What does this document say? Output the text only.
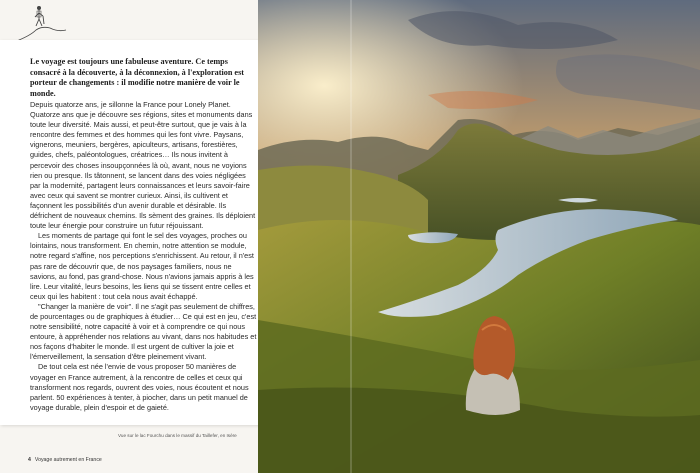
Le voyage est toujours une fabuleuse aventure. Ce temps consacré à la découverte, à la déconnexion, à l'exploration est porteur de changements : il modifie notre manière de voir le monde.

Depuis quatorze ans, je sillonne la France pour Lonely Planet. Quatorze ans que je découvre ses régions, sites et monuments dans toute leur diversité. Mais aussi, et peut-être surtout, que je vais à la rencontre des femmes et des hommes qui les font vivre. Paysans, vignerons, meuniers, bergères, apiculteurs, artisans, forestières, guides, chefs, paléontologues, créatrices… Ils nous invitent à percevoir des choses insoupçonnées là où, avant, nous ne voyions rien ou presque. Ils tâtonnent, se lancent dans des voies négligées par la modernité, partagent leurs connaissances et leurs savoir-faire avec ceux qui savent se montrer curieux. Ainsi, ils cultivent et façonnent les possibilités d'un avenir durable et désirable. Ils défrichent de nouveaux chemins. Ils sèment des graines. Ils déploient toute leur énergie pour construire un futur réjouissant.

Les moments de partage qui font le sel des voyages, proches ou lointains, nous transforment. En chemin, notre attention se module, notre regard s'affine, nos perceptions s'enrichissent. Au retour, il n'est pas rare de découvrir que, de nos paysages familiers, nous ne savions, au fond, pas grand-chose. Nous n'avions jamais appris à les lire. Leur vitalité, leurs besoins, les liens qui se tissent entre celles et ceux qui les habitent : tout cela nous avait échappé.

"Changer la manière de voir". Il ne s'agit pas seulement de chiffres, de pourcentages ou de graphiques à étudier… Ce qui est en jeu, c'est notre sensibilité, notre capacité à voir et à comprendre ce qui nous entoure, à appréhender nos relations au vivant, dans nos habitudes et nos façons d'habiter le monde. Il est urgent de cultiver la joie et l'émerveillement, la sensation d'être pleinement vivant.

De tout cela est née l'envie de vous proposer 50 manières de voyager en France autrement, à la rencontre de celles et ceux qui transforment nos regards, ouvrent des voies, nous écoutent et nous parlent. 50 expériences à tenter, à piocher, dans un petit manuel de voyage durable, plein d'espoir et de gaieté.

Vue sur le lac Fourchu dans le massif du Taillefer, en Isère

4 Voyage autrement en France
